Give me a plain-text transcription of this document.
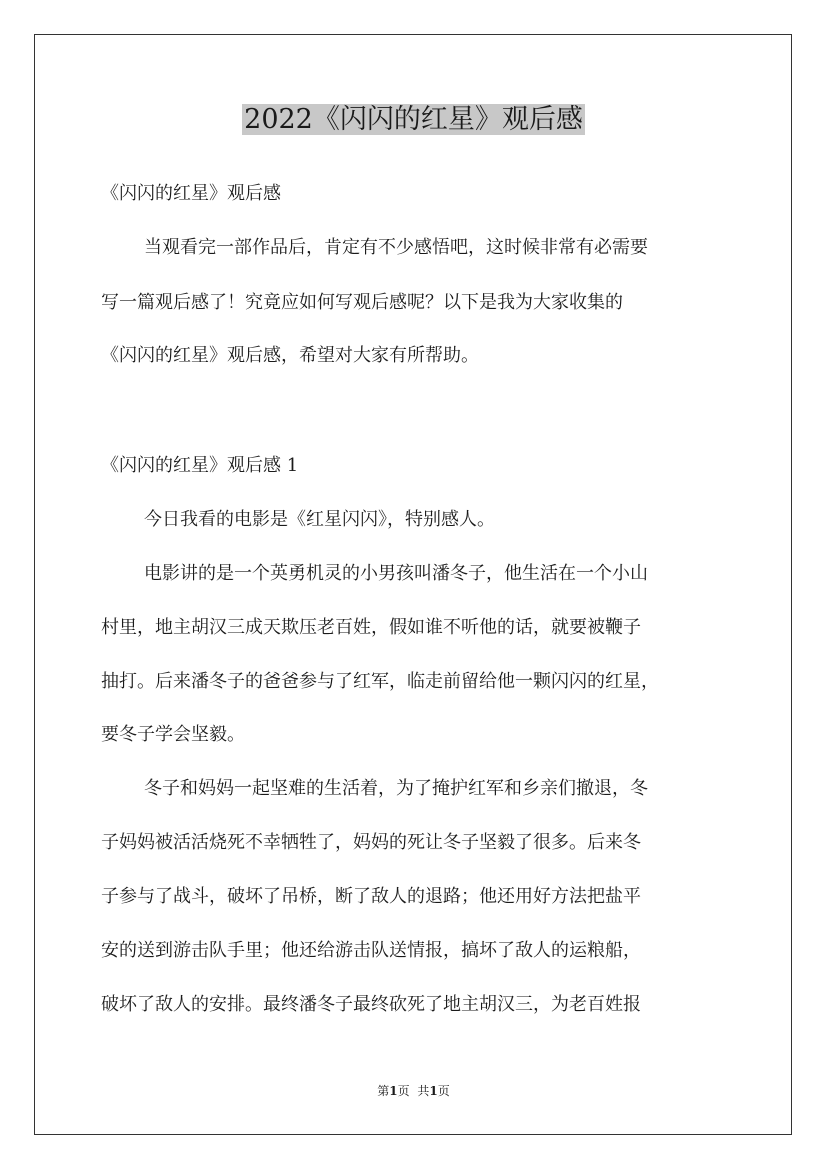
2022《闪闪的红星》观后感

《闪闪的红星》观后感

当观看完一部作品后，肯定有不少感悟吧，这时候非常有必需要

写一篇观后感了！究竟应如何写观后感呢？以下是我为大家收集的

《闪闪的红星》观后感，希望对大家有所帮助。

《闪闪的红星》观后感 1

今日我看的电影是《红星闪闪》，特别感人。

电影讲的是一个英勇机灵的小男孩叫潘冬子，他生活在一个小山

村里，地主胡汉三成天欺压老百姓，假如谁不听他的话，就要被鞭子

抽打。后来潘冬子的爸爸参与了红军，临走前留给他一颗闪闪的红星，

要冬子学会坚毅。

冬子和妈妈一起坚难的生活着，为了掩护红军和乡亲们撤退，冬

子妈妈被活活烧死不幸牺牲了，妈妈的死让冬子坚毅了很多。后来冬

子参与了战斗，破坏了吊桥，断了敌人的退路；他还用好方法把盐平

安的送到游击队手里；他还给游击队送情报，搞坏了敌人的运粮船，

破坏了敌人的安排。最终潘冬子最终砍死了地主胡汉三，为老百姓报

第1页 共1页
